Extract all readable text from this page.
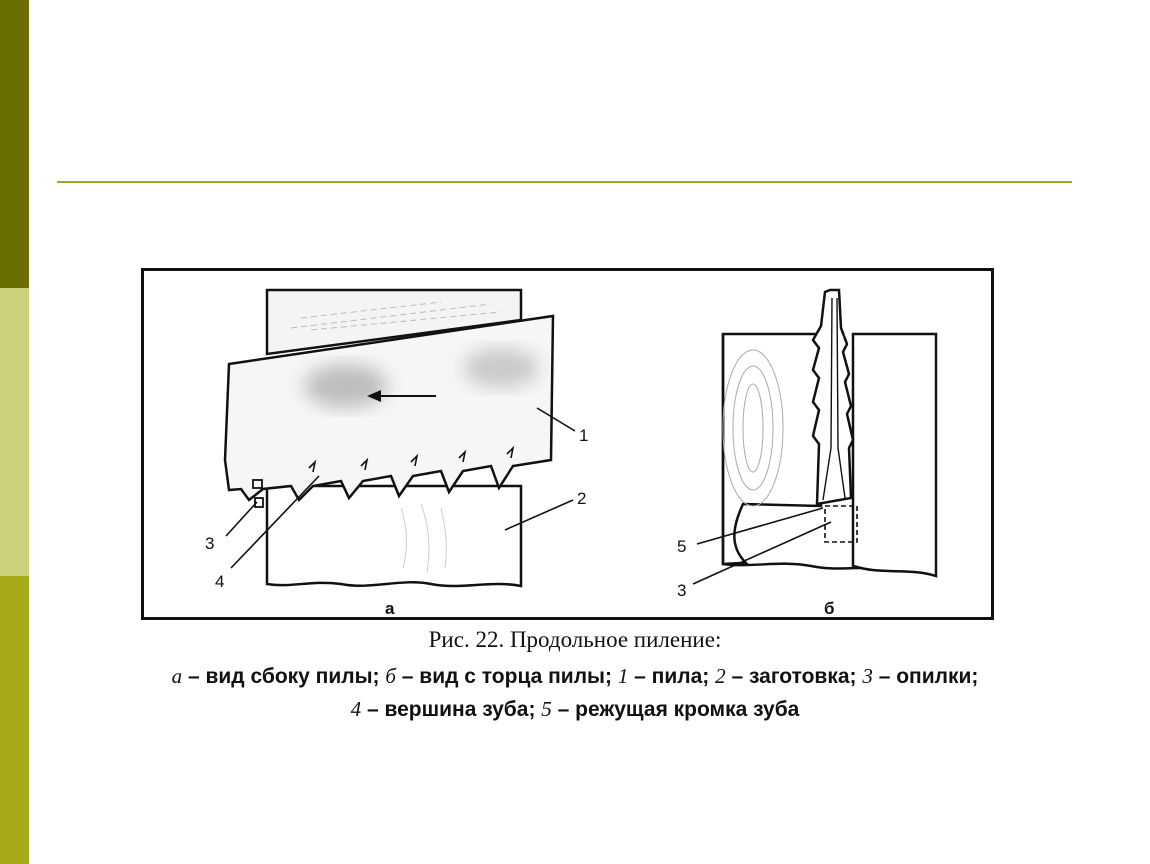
1
2
3
4
а
5
3
б
Рис. 22. Продольное пиление:
а – вид сбоку пилы; б – вид с торца пилы; 1 – пила; 2 – заготовка; 3 – опилки;
4 – вершина зуба; 5 – режущая кромка зуба
